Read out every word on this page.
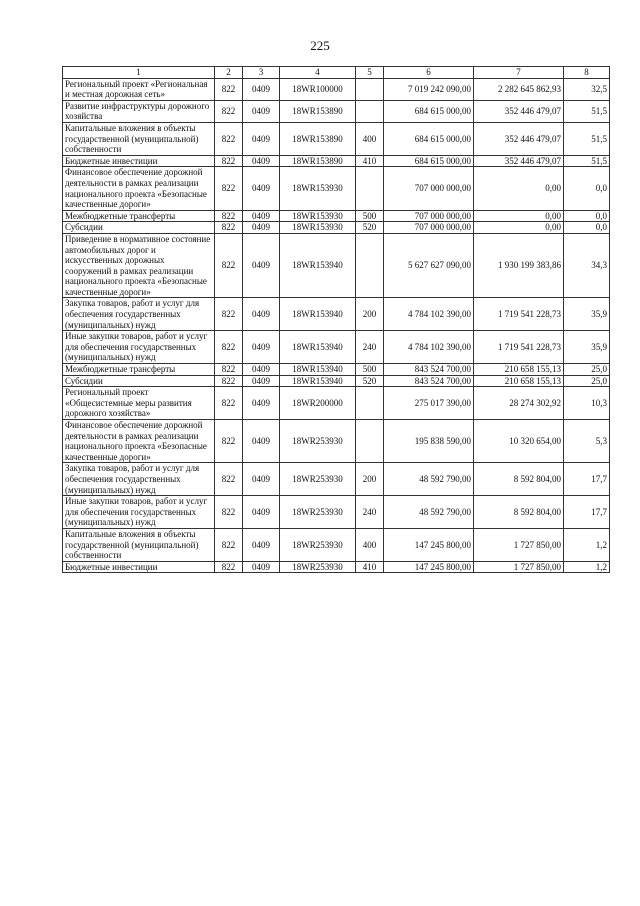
225
1	2	3	4	5	6	7	8
Региональный проект «Региональная и местная дорожная сеть»	822	0409	18WR100000		7 019 242 090,00	2 282 645 862,93	32,5
Развитие инфраструктуры дорожного хозяйства	822	0409	18WR153890		684 615 000,00	352 446 479,07	51,5
Капитальные вложения в объекты государственной (муниципальной) собственности	822	0409	18WR153890	400	684 615 000,00	352 446 479,07	51,5
Бюджетные инвестиции	822	0409	18WR153890	410	684 615 000,00	352 446 479,07	51,5
Финансовое обеспечение дорожной деятельности в рамках реализации национального проекта «Безопасные качественные дороги»	822	0409	18WR153930		707 000 000,00	0,00	0,0
Межбюджетные трансферты	822	0409	18WR153930	500	707 000 000,00	0,00	0,0
Субсидии	822	0409	18WR153930	520	707 000 000,00	0,00	0,0
Приведение в нормативное состояние автомобильных дорог и искусственных дорожных сооружений в рамках реализации национального проекта «Безопасные качественные дороги»	822	0409	18WR153940		5 627 627 090,00	1 930 199 383,86	34,3
Закупка товаров, работ и услуг для обеспечения государственных (муниципальных) нужд	822	0409	18WR153940	200	4 784 102 390,00	1 719 541 228,73	35,9
Иные закупки товаров, работ и услуг для обеспечения государственных (муниципальных) нужд	822	0409	18WR153940	240	4 784 102 390,00	1 719 541 228,73	35,9
Межбюджетные трансферты	822	0409	18WR153940	500	843 524 700,00	210 658 155,13	25,0
Субсидии	822	0409	18WR153940	520	843 524 700,00	210 658 155,13	25,0
Региональный проект «Общесистемные меры развития дорожного хозяйства»	822	0409	18WR200000		275 017 390,00	28 274 302,92	10,3
Финансовое обеспечение дорожной деятельности в рамках реализации национального проекта «Безопасные качественные дороги»	822	0409	18WR253930		195 838 590,00	10 320 654,00	5,3
Закупка товаров, работ и услуг для обеспечения государственных (муниципальных) нужд	822	0409	18WR253930	200	48 592 790,00	8 592 804,00	17,7
Иные закупки товаров, работ и услуг для обеспечения государственных (муниципальных) нужд	822	0409	18WR253930	240	48 592 790,00	8 592 804,00	17,7
Капитальные вложения в объекты государственной (муниципальной) собственности	822	0409	18WR253930	400	147 245 800,00	1 727 850,00	1,2
Бюджетные инвестиции	822	0409	18WR253930	410	147 245 800,00	1 727 850,00	1,2
